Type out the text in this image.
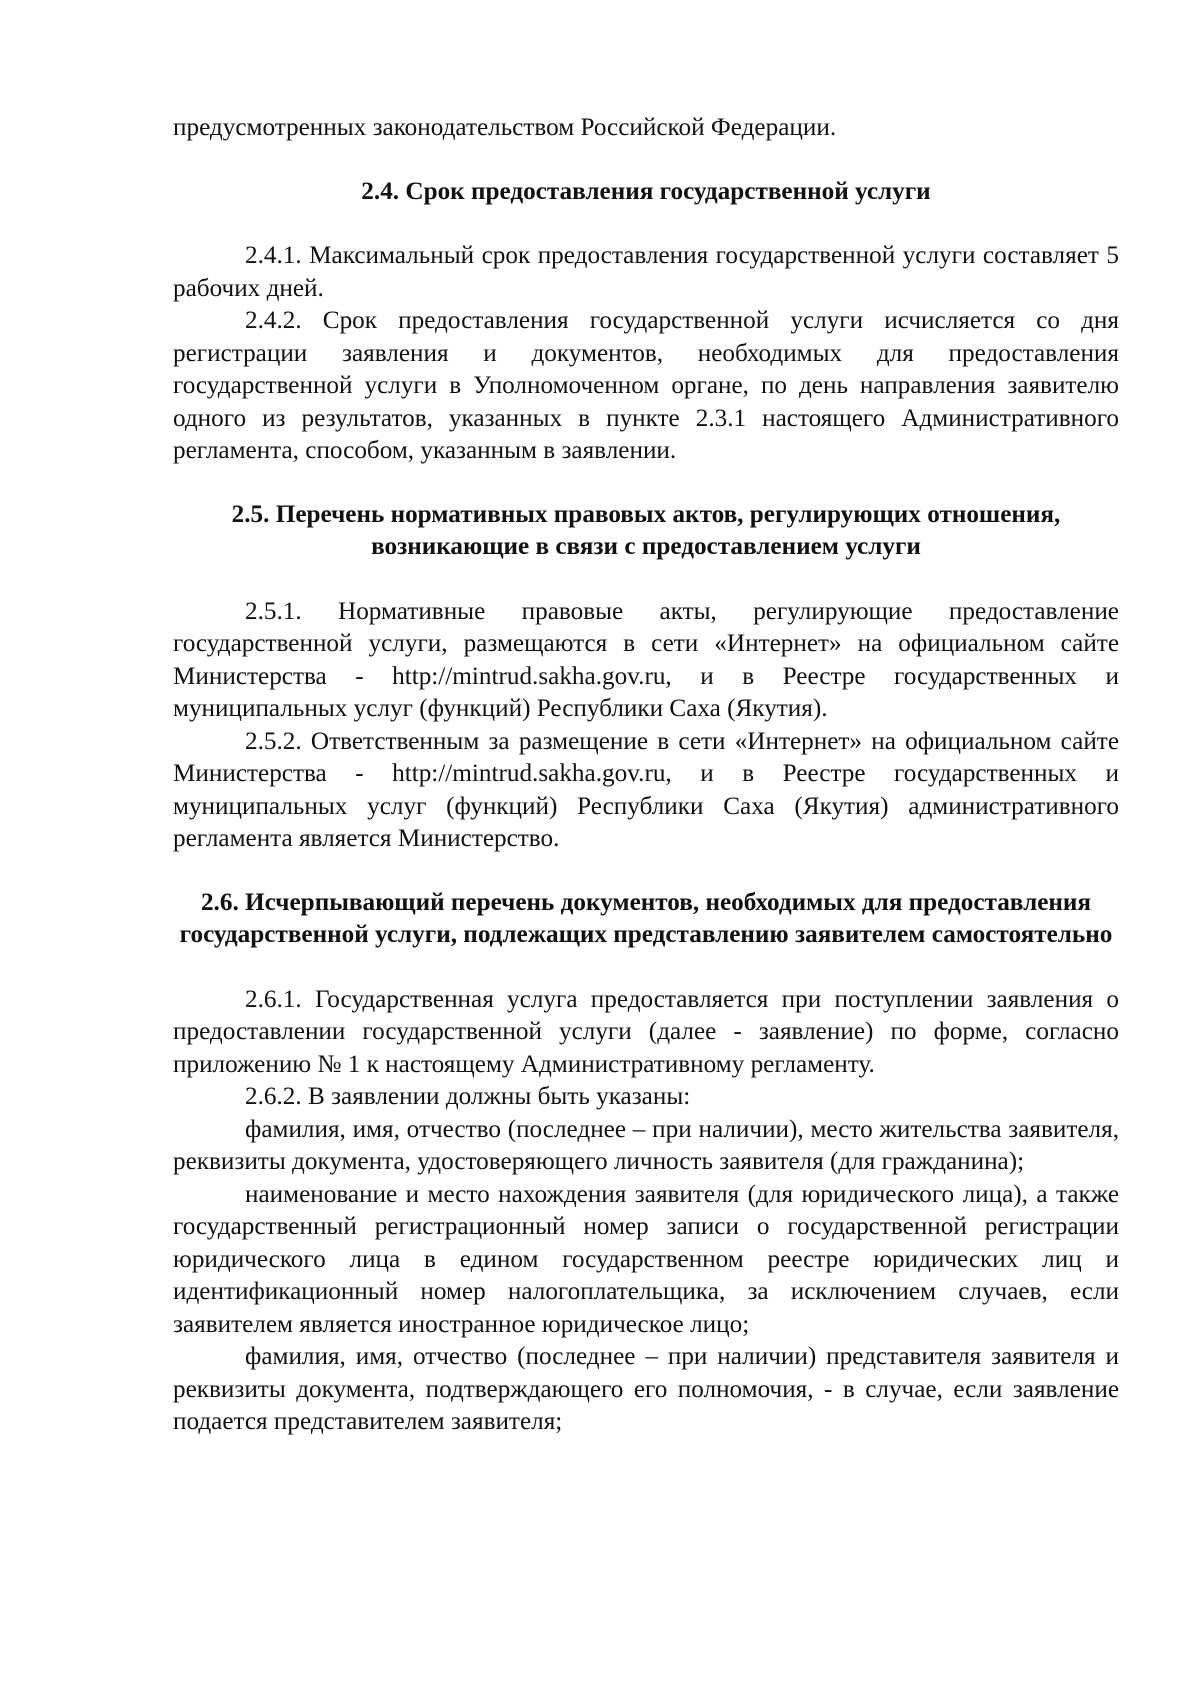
предусмотренных законодательством Российской Федерации.

2.4. Срок предоставления государственной услуги

2.4.1. Максимальный срок предоставления государственной услуги составляет 5 рабочих дней.

2.4.2. Срок предоставления государственной услуги исчисляется со дня регистрации заявления и документов, необходимых для предоставления государственной услуги в Уполномоченном органе, по день направления заявителю одного из результатов, указанных в пункте 2.3.1 настоящего Административного регламента, способом, указанным в заявлении.

2.5. Перечень нормативных правовых актов, регулирующих отношения, возникающие в связи с предоставлением услуги

2.5.1. Нормативные правовые акты, регулирующие предоставление государственной услуги, размещаются в сети «Интернет» на официальном сайте Министерства - http://mintrud.sakha.gov.ru, и в Реестре государственных и муниципальных услуг (функций) Республики Саха (Якутия).

2.5.2. Ответственным за размещение в сети «Интернет» на официальном сайте Министерства - http://mintrud.sakha.gov.ru, и в Реестре государственных и муниципальных услуг (функций) Республики Саха (Якутия) административного регламента является Министерство.

2.6. Исчерпывающий перечень документов, необходимых для предоставления государственной услуги, подлежащих представлению заявителем самостоятельно

2.6.1. Государственная услуга предоставляется при поступлении заявления о предоставлении государственной услуги (далее - заявление) по форме, согласно приложению № 1 к настоящему Административному регламенту.

2.6.2. В заявлении должны быть указаны:

фамилия, имя, отчество (последнее – при наличии), место жительства заявителя, реквизиты документа, удостоверяющего личность заявителя (для гражданина);

наименование и место нахождения заявителя (для юридического лица), а также государственный регистрационный номер записи о государственной регистрации юридического лица в едином государственном реестре юридических лиц и идентификационный номер налогоплательщика, за исключением случаев, если заявителем является иностранное юридическое лицо;

фамилия, имя, отчество (последнее – при наличии) представителя заявителя и реквизиты документа, подтверждающего его полномочия, - в случае, если заявление подается представителем заявителя;
